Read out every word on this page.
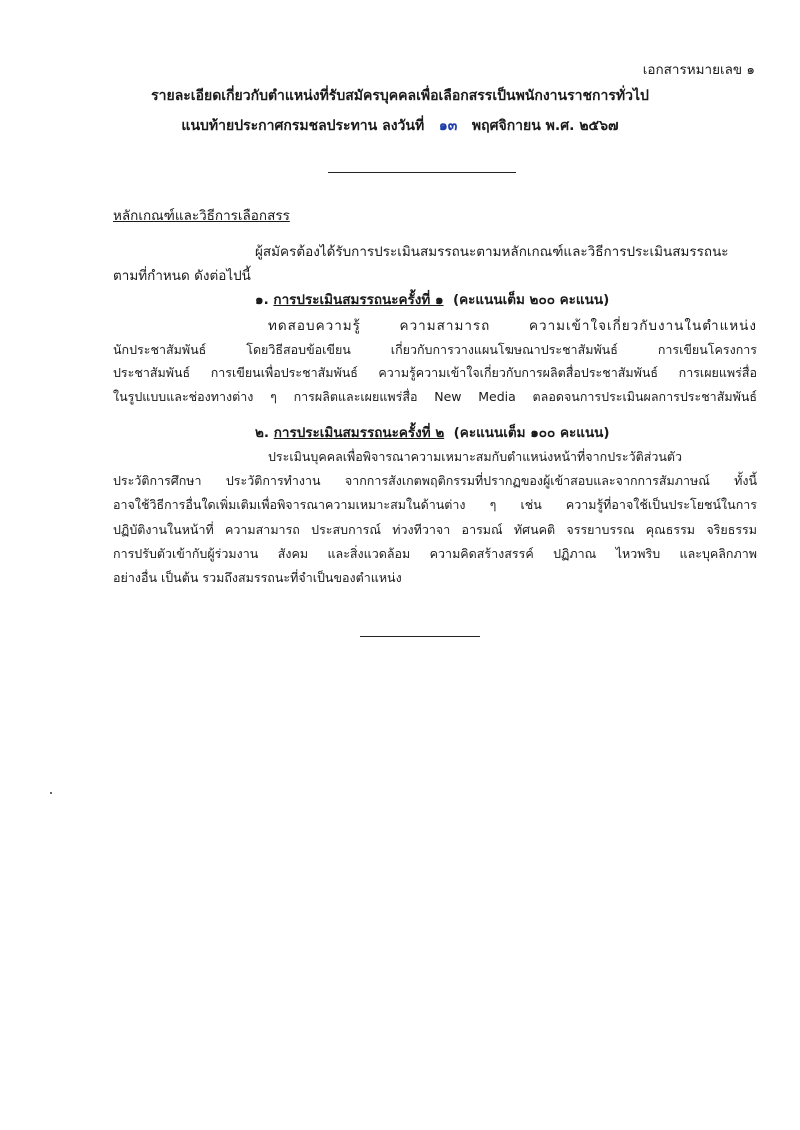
เอกสารหมายเลข ๑
รายละเอียดเกี่ยวกับตำแหน่งที่รับสมัครบุคคลเพื่อเลือกสรรเป็นพนักงานราชการทั่วไป
แนบท้ายประกาศกรมชลประทาน ลงวันที่ ๑๓ พฤศจิกายน พ.ศ. ๒๕๖๗
หลักเกณฑ์และวิธีการเลือกสรร
ผู้สมัครต้องได้รับการประเมินสมรรถนะตามหลักเกณฑ์และวิธีการประเมินสมรรถนะ
ตามที่กำหนด ดังต่อไปนี้
๑. การประเมินสมรรถนะครั้งที่ ๑ (คะแนนเต็ม ๒๐๐ คะแนน)
ทดสอบความรู้ ความสามารถ ความเข้าใจเกี่ยวกับงานในตำแหน่ง
นักประชาสัมพันธ์ โดยวิธีสอบข้อเขียน เกี่ยวกับการวางแผนโฆษณาประชาสัมพันธ์ การเขียนโครงการ
ประชาสัมพันธ์ การเขียนเพื่อประชาสัมพันธ์ ความรู้ความเข้าใจเกี่ยวกับการผลิตสื่อประชาสัมพันธ์ การเผยแพร่สื่อ
ในรูปแบบและช่องทางต่าง ๆ การผลิตและเผยแพร่สื่อ New Media ตลอดจนการประเมินผลการประชาสัมพันธ์
๒. การประเมินสมรรถนะครั้งที่ ๒ (คะแนนเต็ม ๑๐๐ คะแนน)
ประเมินบุคคลเพื่อพิจารณาความเหมาะสมกับตำแหน่งหน้าที่จากประวัติส่วนตัว
ประวัติการศึกษา ประวัติการทำงาน จากการสังเกตพฤติกรรมที่ปรากฏของผู้เข้าสอบและจากการสัมภาษณ์ ทั้งนี้
อาจใช้วิธีการอื่นใดเพิ่มเติมเพื่อพิจารณาความเหมาะสมในด้านต่าง ๆ เช่น ความรู้ที่อาจใช้เป็นประโยชน์ในการ
ปฏิบัติงานในหน้าที่ ความสามารถ ประสบการณ์ ท่วงทีวาจา อารมณ์ ทัศนคติ จรรยาบรรณ คุณธรรม จริยธรรม
การปรับตัวเข้ากับผู้ร่วมงาน สังคม และสิ่งแวดล้อม ความคิดสร้างสรรค์ ปฏิภาณ ไหวพริบ และบุคลิกภาพ
อย่างอื่น เป็นต้น รวมถึงสมรรถนะที่จำเป็นของตำแหน่ง
